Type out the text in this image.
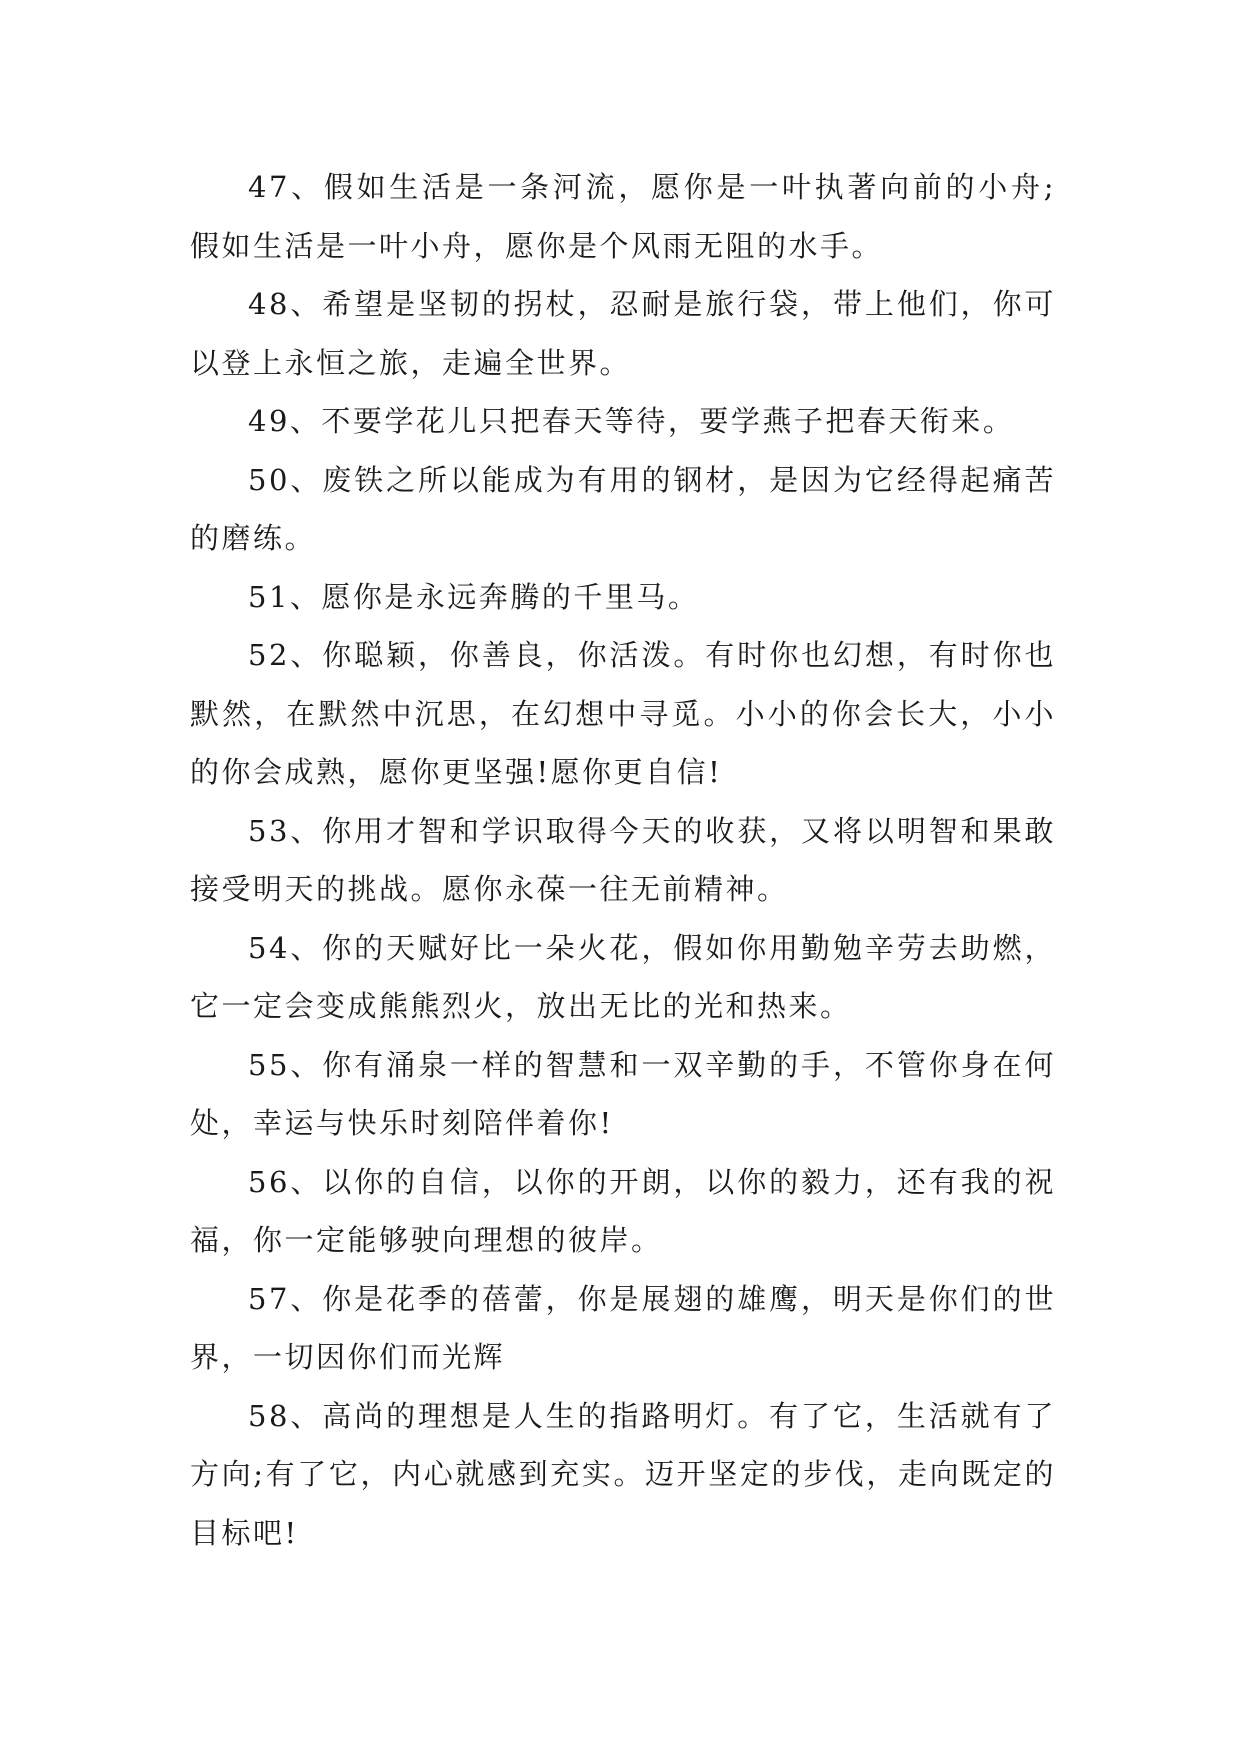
47、假如生活是一条河流，愿你是一叶执著向前的小舟;假如生活是一叶小舟，愿你是个风雨无阻的水手。

48、希望是坚韧的拐杖，忍耐是旅行袋，带上他们，你可以登上永恒之旅，走遍全世界。

49、不要学花儿只把春天等待，要学燕子把春天衔来。

50、废铁之所以能成为有用的钢材，是因为它经得起痛苦的磨练。

51、愿你是永远奔腾的千里马。

52、你聪颖，你善良，你活泼。有时你也幻想，有时你也默然，在默然中沉思，在幻想中寻觅。小小的你会长大，小小的你会成熟，愿你更坚强!愿你更自信!

53、你用才智和学识取得今天的收获，又将以明智和果敢接受明天的挑战。愿你永葆一往无前精神。

54、你的天赋好比一朵火花，假如你用勤勉辛劳去助燃，它一定会变成熊熊烈火，放出无比的光和热来。

55、你有涌泉一样的智慧和一双辛勤的手，不管你身在何处，幸运与快乐时刻陪伴着你!

56、以你的自信，以你的开朗，以你的毅力，还有我的祝福，你一定能够驶向理想的彼岸。

57、你是花季的蓓蕾，你是展翅的雄鹰，明天是你们的世界，一切因你们而光辉

58、高尚的理想是人生的指路明灯。有了它，生活就有了方向;有了它，内心就感到充实。迈开坚定的步伐，走向既定的目标吧!
